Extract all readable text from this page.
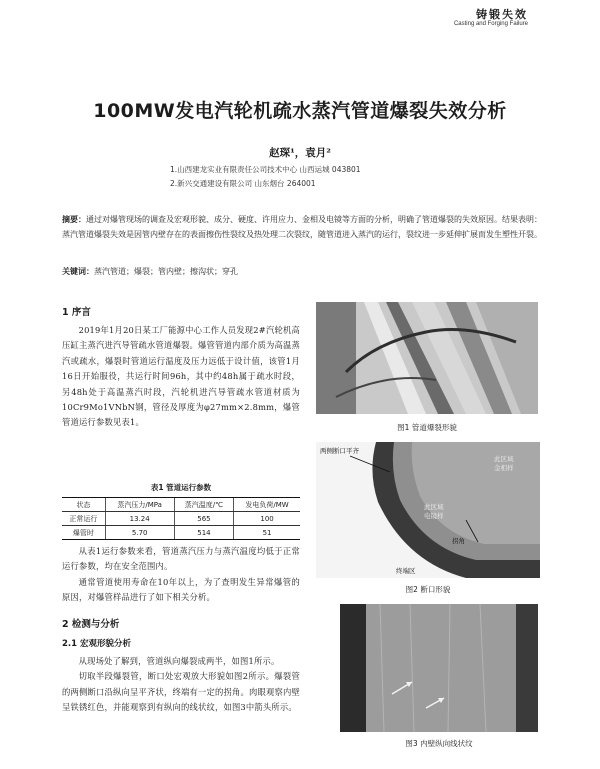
铸锻失效
Casting and Forging Failure
100MW发电汽轮机疏水蒸汽管道爆裂失效分析
赵琛¹，袁月²
1.山西建龙实业有限责任公司技术中心 山西运城 043801
2.新兴交通建设有限公司 山东烟台 264001
摘要：通过对爆管现场的调查及宏观形貌、成分、硬度、许用应力、金相及电镜等方面的分析，明确了管道爆裂的失效原因。结果表明：蒸汽管道爆裂失效是因管内壁存在的表面擦伤性裂纹及热处理二次裂纹，随管道进入蒸汽的运行，裂纹进一步延伸扩展而发生塑性开裂。
关键词：蒸汽管道；爆裂；管内壁；擦沟状；穿孔
1 序言

2019年1月20日某工厂能源中心工作人员发现2#汽轮机高压缸主蒸汽进汽导管疏水管道爆裂。爆管管道内部介质为高温蒸汽或疏水，爆裂时管道运行温度及压力远低于设计值，该管1月16日开始服役，共运行时间96h，其中约48h属于疏水时段，另48h处于高温蒸汽时段，汽轮机进汽导管疏水管道材质为10Cr9Mo1VNbN钢，管径及厚度为φ27mm×2.8mm，爆管管道运行参数见表1。

表1 管道运行参数
状态	蒸汽压力/MPa	蒸汽温度/℃	发电负荷/MW
正常运行	13.24	565	100
爆管时	5.70	514	51

从表1运行参数来看，管道蒸汽压力与蒸汽温度均低于正常运行参数，均在安全范围内。

通常管道使用寿命在10年以上，为了查明发生异常爆管的原因，对爆管样品进行了如下相关分析。

2 检测与分析
2.1 宏观形貌分析

从现场处了解到，管道纵向爆裂成两半，如图1所示。

切取半段爆裂管，断口处宏观放大形貌如图2所示。爆裂管的两侧断口沿纵向呈平齐状，终端有一定的拐角。肉眼观察内壁呈铁锈红色，并能观察到有纵向的线状纹，如图3中箭头所示。

图1 管道爆裂形貌
两侧断口平齐
此区域
金相样
此区域
电镜样
拐角
终端区
图2 断口形貌
图3 内壁纵向线状纹
